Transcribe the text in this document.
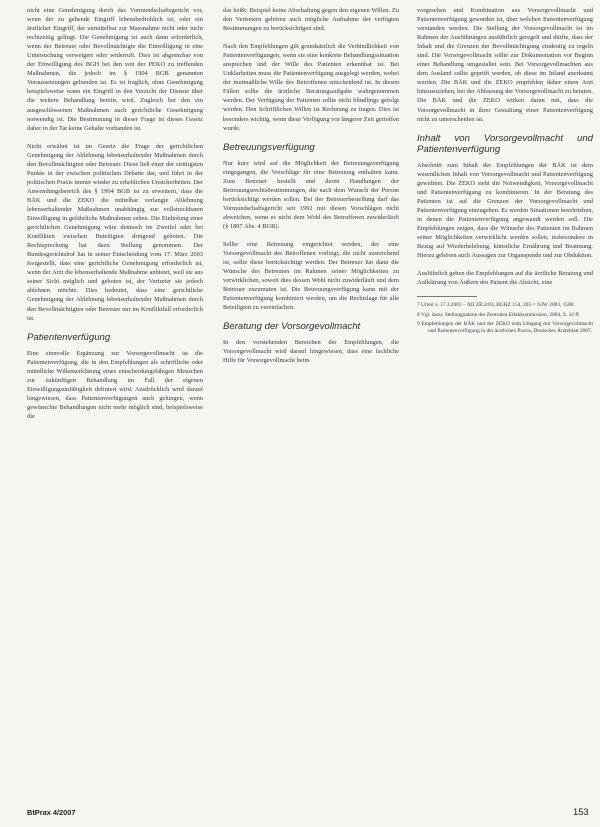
nicht eine Genehmigung durch das Vormundschaftsgericht vor, wenn der zu gehende Eingriff lebensbedrohlich ist, oder ein ärztlicher Eingriff, der unmittelbar zur Massnahme nicht oder nicht rechtzeitig gelingt. Die Genehmigung ist auch dann erforderlich, wenn der Betreuer oder Bevollmächtigte die Einwilligung in eine Untersuchung verweigert oder widerruft. Dies ist abgrenzbar von der Einwilligung des BGH bei den von der PEKO zu treffenden Maßnahmen, die jedoch im § 1904 BGB genannten Voraussetzungen gebunden ist. Es ist fraglich, ohne Genehmigung beispielsweise wann ein Eingriff in den Verzicht der Dienste über die weitere Behandlung bereits wird. Zugleich bei den ein ausgeschlossenen Maßnahmen auch gerichtliche Genehmigung notwendig ist. Die Bestimmung in dieser Frage ist dieses Gesetz daher in der Tat keine Gehalte vorhanden ist.

Nicht erwähnt ist im Gesetz die Frage der gerichtlichen Genehmigung der Ablehnung lebenserhaltender Maßnahmen durch den Bevollmächtigten oder Betreuer. Diese ließ einer der strittigsten Punkte in der zwischen politischen Debatte dar, und führt in der politischen Praxis immer wieder zu erheblichen Unsicherheiten. Der Anwendungsbereich des § 1904 BGB ist zu erweitern, dass die BÄK und die ZEKO die mittelbar verlangte Ablehnung lebenserhaltender Maßnahmen unabhängig zur vollstreckbaren Einwilligung in gefährliche Maßnahmen sehen. Die Einholung einer gerichtlichen Genehmigung wäre dennoch im Zweifel oder bei Konflikten zwischen Beteiligten dringend geboten. Die Rechtsprechung hat dazu Stellung genommen. Der Bundesgerichtshof hat in seiner Entscheidung vom 17. März 2003 festgestellt, dass eine gerichtliche Genehmigung erforderlich ist, wenn der Arzt die lebenserhaltende Maßnahme anbietet, weil sie aus seiner Sicht möglich und geboten ist, der Vertreter sie jedoch ablehnen möchte. Dies bedeutet, dass eine gerichtliche Genehmigung der Ablehnung lebenserhaltender Maßnahmen durch den Bevollmächtigten oder Betreuer nur im Konfliktfall erforderlich ist.

Patientenverfügung

Eine sinnvolle Ergänzung zur Vorsorgevollmacht ist die Patientenverfügung, die in den Empfehlungen als schriftliche oder mündliche Willenserklärung eines entscheidungsfähigen Menschen zur zukünftigen Behandlung im Fall der eigenen Einwilligungsunfähigkeit definiert wird. Ausdrücklich wird darauf hingewiesen, dass Patientenverfügungen auch gelungen, wenn gewünschte Behandlungen nicht mehr möglich sind, beispielsweise die

das heißt: Beispiel keine Abschaltung gegen den eigenen Willen. Zu den Vertretern gehören auch mögliche Aufnahme der verfügten Bestimmungen zu berücksichtigen sind.

Nach den Empfehlungen gilt grundsätzlich die Verbindlichkeit von Patientenverfügungen, wenn sie eine konkrete Behandlungssituation ansprechen und der Wille des Patienten erkennbar ist. Bei Unklarheiten muss die Patientenverfügung ausgelegt werden, wobei der mutmaßliche Wille des Betroffenen entscheidend ist. In diesen Fällen sollte die ärztliche Beratungsaufgabe wahrgenommen werden. Der Verfügung der Patienten sollte nicht blindlings gefolgt werden. Den Schriftlichen Willen ist Rechnung zu tragen. Dies ist besonders wichtig, wenn diese Verfügung vor längerer Zeit getroffen wurde.

Betreuungsverfügung

Nur kurz wird auf die Möglichkeit der Betreuungsverfügung eingegangen, die Vorschläge für eine Betreuung enthalten kann. Zum Betreuer bestellt und deren Handlungen der Betreuungsrechtsbestimmungen, die nach dem Wunsch der Person berücksichtigt werden sollen. Bei der Betreuerbestellung darf das Vormundschaftsgericht seit 1992 mit diesen Vorschlägen nicht abweichen, wenn es nicht dem Wohl des Betroffenen zuwiderläuft (§ 1897 Abs. 4 BGB).

Sollte eine Betreuung eingerichtet werden, der eine Vorsorgevollmacht des Betroffenen vorliegt, die nicht ausreichend ist, sollte diese berücksichtigt werden. Der Betreuer hat dann die Wünsche des Betreuten im Rahmen seiner Möglichkeiten zu verwirklichen, soweit dies dessen Wohl nicht zuwiderläuft und dem Betreuer zuzumuten ist. Die Betreuungsverfügung kann mit der Patientenverfügung kombiniert werden, um die Rechtslage für alle Beteiligten zu vereinfachen.

Beratung der Vorsorgevollmacht

In den vorstehenden Bereichen der Empfehlungen, die Vorsorgevollmacht wird darauf hingewiesen, dass eine fachliche Hilfe für Vorsorgevollmacht beim

vorgesehen und Kombination aus Vorsorgevollmacht und Patientenverfügung geworden ist, über welchen Patientenverfügung verstanden werden. Die Stellung der Vorsorgevollmacht ist im Rahmen der Ausführungen ausführlich geregelt und dürfte, dass der Inhalt und die Grenzen der Bevollmächtigung eindeutig zu regeln sind. Die Vorsorgevollmacht sollte zur Dokumentation vor Beginn einer Behandlung umgestaltet sein. Bei Vorsorgevollmachten aus dem Ausland sollte geprüft werden, ob diese im Inland anerkannt werden. Die BÄK und die ZEKO empfehlen daher einen Arzt hinzuzuziehen, bei der Abfassung der Vorsorgevollmacht zu beraten. Die BÄK und die ZEKO wirken daran mit, dass die Vorsorgevollmacht in ihrer Gestaltung einer Patientenverfügung nicht zu unterscheiden ist.

Inhalt von Vorsorgevollmacht und Patientenverfügung

Abschnitt zum Inhalt der Empfehlungen der BÄK ist dem wesentlichen Inhalt von Vorsorgevollmacht und Patientenverfügung gewidmet. Die ZEKO sieht die Notwendigkeit, Vorsorgevollmacht und Patientenverfügung zu kombinieren. In der Beratung des Patienten ist auf die Grenzen der Vorsorgevollmacht und Patientenverfügung einzugehen. Es werden Situationen beschrieben, in denen die Patientenverfügung angewandt werden soll. Die Empfehlungen zeigen, dass die Wünsche des Patienten im Rahmen seiner Möglichkeiten verwirklicht werden sollen, insbesondere in Bezug auf Wiederbelebung, künstliche Ernährung und Beatmung. Hierzu gehören auch Aussagen zur Organspende und zur Obduktion.

Ausführlich gehen die Empfehlungen auf die ärztliche Beratung und Aufklärung von Äußern des Patient die Absicht, eine

7 Urteil v. 17.3.2003 – XII ZB 2/03, BGHZ 154, 205 = NJW 2003, 1588.

8 Vgl. dazu: Stellungnahme der Zentralen Ethikkommission, 2004, S. 12 ff.

9 Empfehlungen der BÄK und der ZEKO zum Umgang mit Vorsorgevollmacht und Patientenverfügung in der ärztlichen Praxis, Deutsches Ärzteblatt 2007.

BtPrax 4/2007	153
